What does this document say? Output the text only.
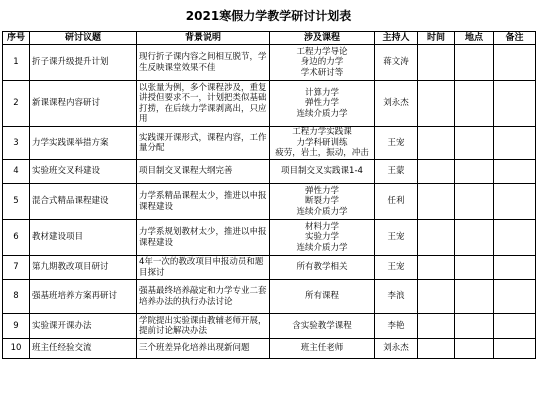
2021寒假力学教学研讨计划表
序号	研讨议题	背景说明	涉及课程	主持人	时间	地点	备注
1	折子课升级提升计划	现行折子课内容之间相互脱节，学生反映课堂效果不佳	工程力学导论
身边的力学
学术研讨等	蒋文涛			
2	新课课程内容研讨	以张量为例，多个课程涉及，重复讲授但要求不一，计划把类似基础打捞，在后续力学课剥离出，只应用	计算力学
弹性力学
连续介质力学	刘永杰			
3	力学实践课举措方案	实践课开课形式，课程内容，工作量分配	工程力学实践课
力学科研训练
疲劳，岩土，振动，冲击	王宠			
4	实验班交叉科建设	项目制交叉课程大纲完善	项目制交叉实践课1-4	王蒙			
5	混合式精品课程建设	力学系精品课程太少，推进以申报课程建设	弹性力学
断裂力学
连续介质力学	任利			
6	教材建设项目	力学系规划教材太少，推进以申报课程建设	材料力学
实验力学
连续介质力学	王宠			
7	第九期教改项目研讨	4年一次的教改项目申报动员和题目探讨	所有教学相关	王宠			
8	强基班培养方案再研讨	强基最终培养敲定和力学专业二套培养办法的执行办法讨论	所有课程	李浪			
9	实验课开课办法	学院提出实验课由教辅老师开展，提前讨论解决办法	含实验教学课程	李艳			
10	班主任经验交流	三个班差异化培养出现新问题	班主任老师	刘永杰			
